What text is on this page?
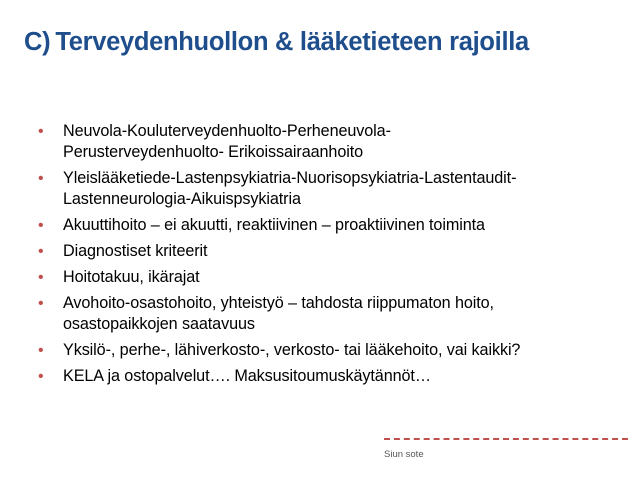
C) Terveydenhuollon & lääketieteen rajoilla
• Neuvola-Kouluterveydenhuolto-Perheneuvola-
Perusterveydenhuolto- Erikoissairaanhoito
• Yleislääketiede-Lastenpsykiatria-Nuorisopsykiatria-Lastentaudit-
Lastenneurologia-Aikuispsykiatria
• Akuuttihoito – ei akuutti, reaktiivinen – proaktiivinen toiminta
• Diagnostiset kriteerit
• Hoitotakuu, ikärajat
• Avohoito-osastohoito, yhteistyö – tahdosta riippumaton hoito,
osastopaikkojen saatavuus
• Yksilö-, perhe-, lähiverkosto-, verkosto- tai lääkehoito, vai kaikki?
• KELA ja ostopalvelut…. Maksusitoumuskäytännöt…
Siun sote
